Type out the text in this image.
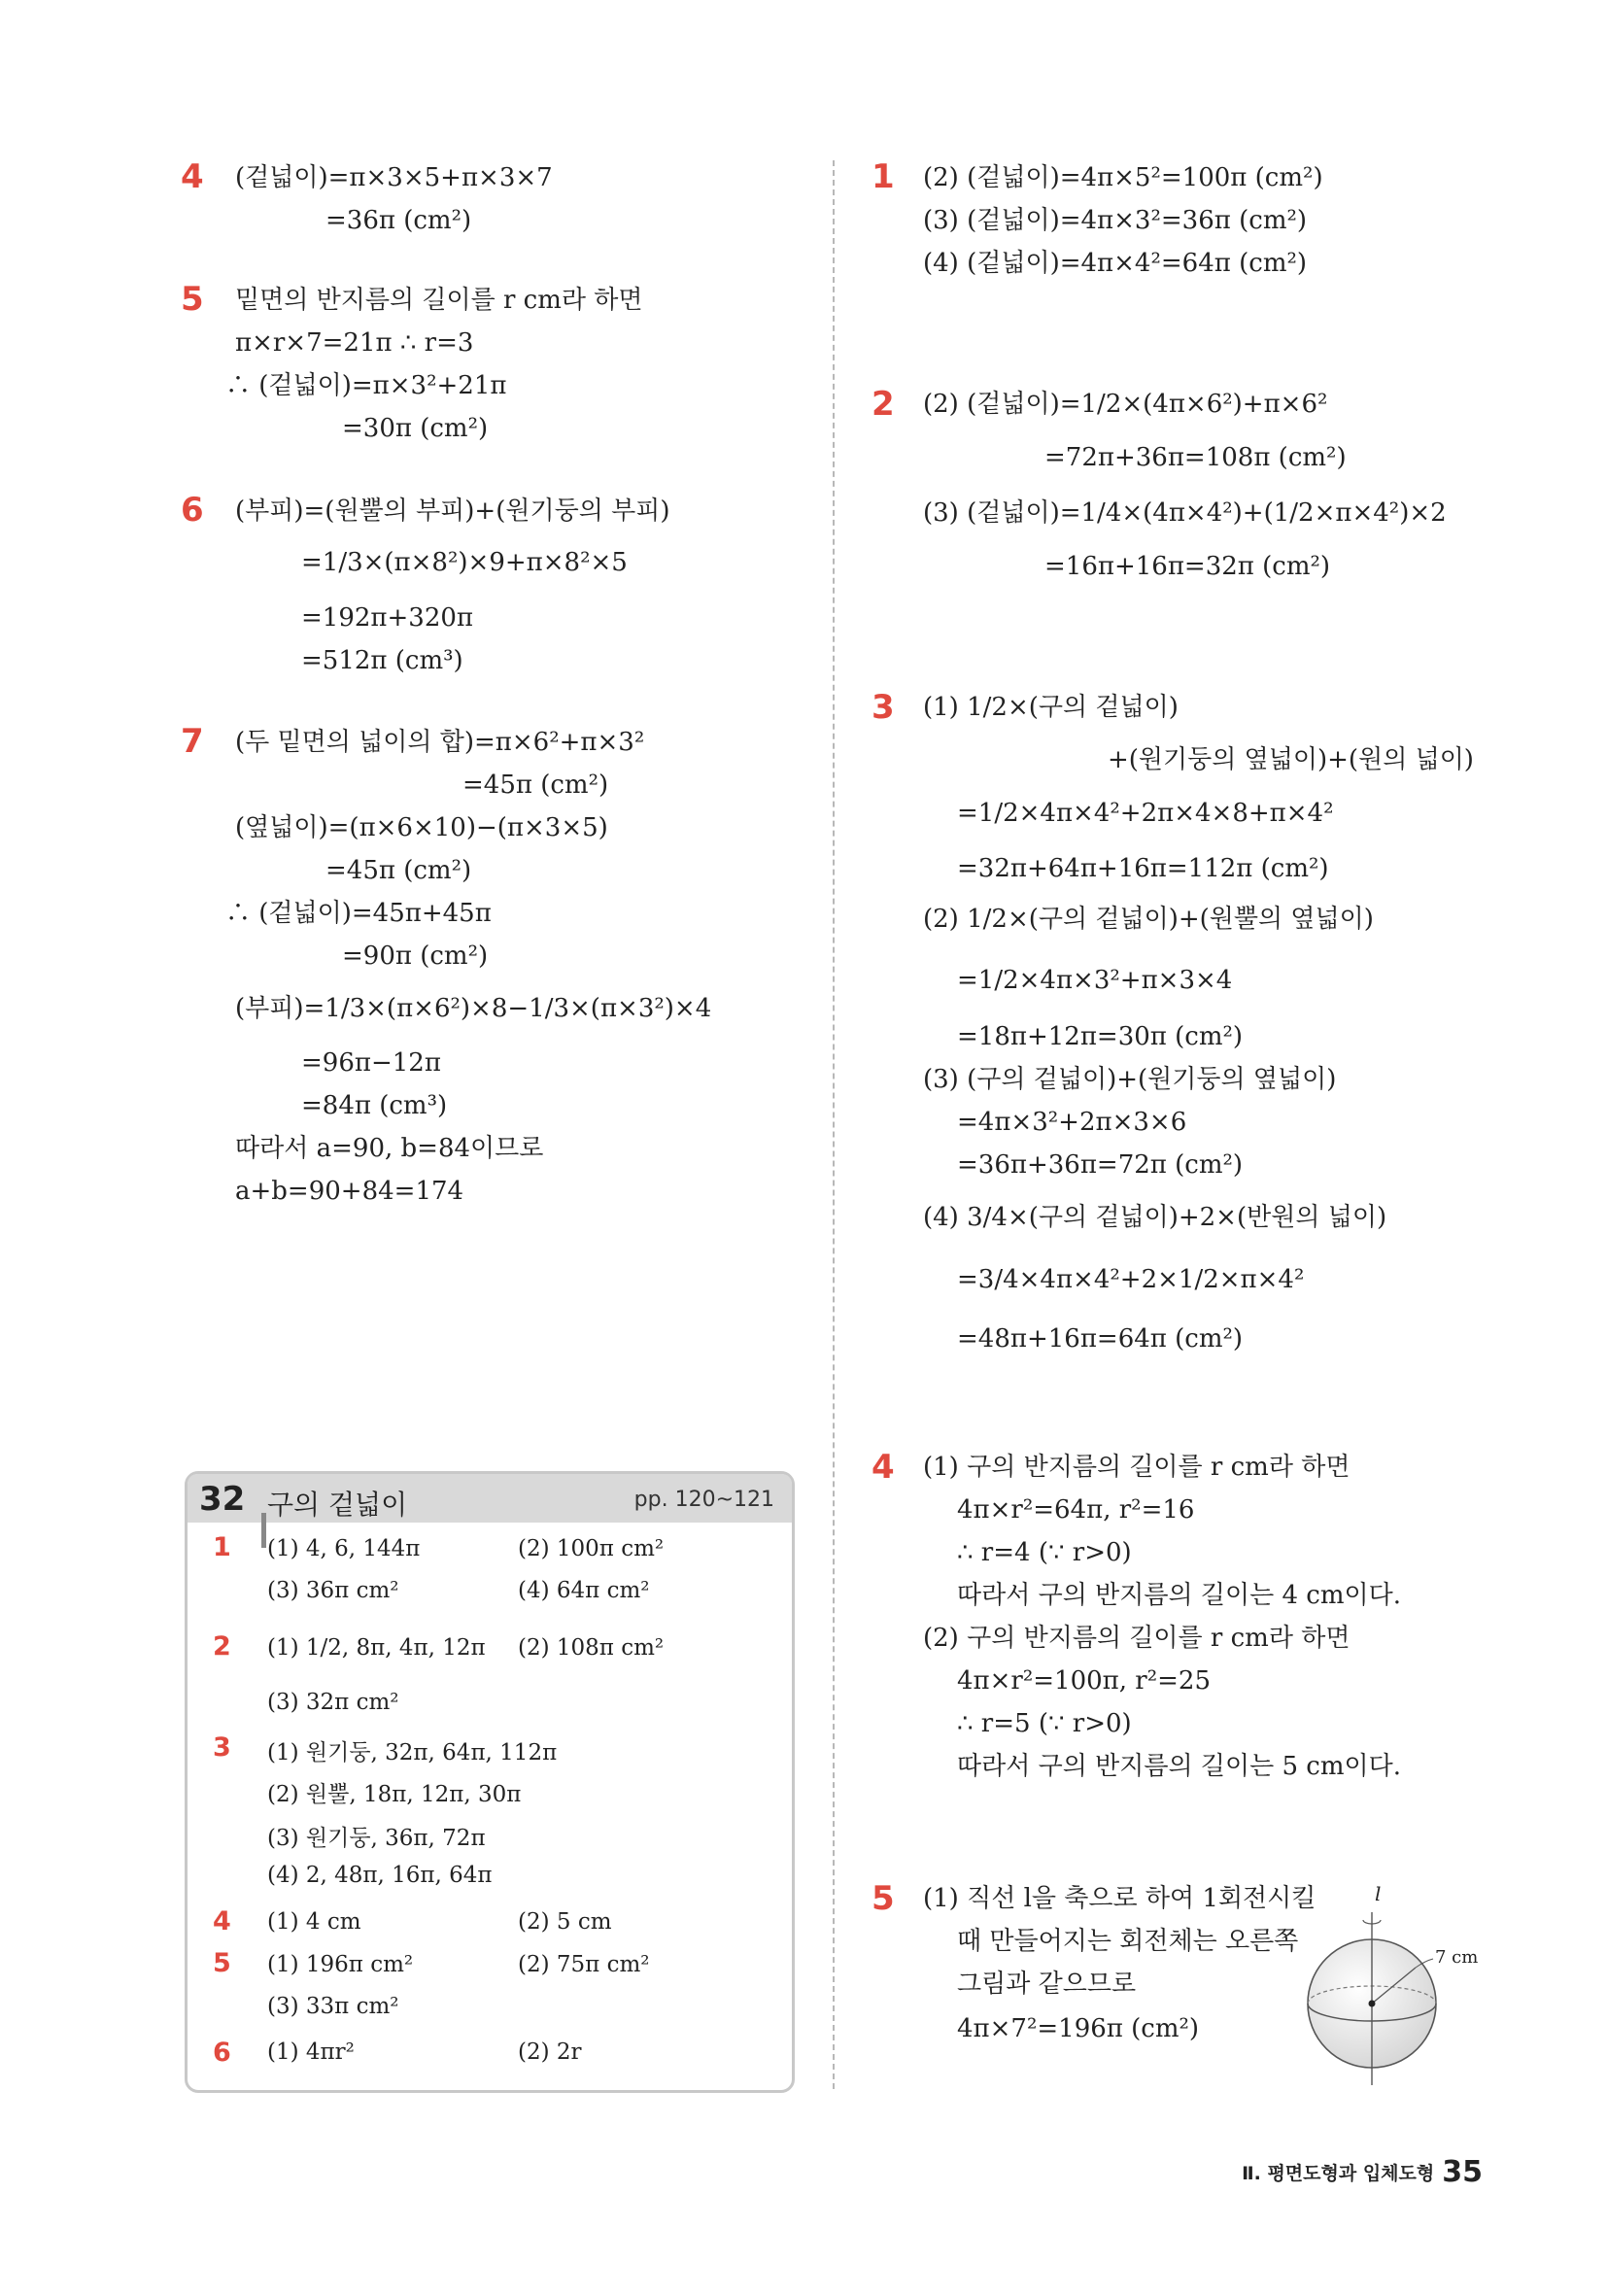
4 (겉넓이)=π×3×5+π×3×7
=36π (cm²)
5 밑면의 반지름의 길이를 r cm라 하면
π×r×7=21π ∴ r=3
∴ (겉넓이)=π×3²+21π
=30π (cm²)
6 (부피)=(원뿔의 부피)+(원기둥의 부피)
=1/3×(π×8²)×9+π×8²×5
=192π+320π
=512π (cm³)
7 (두 밑면의 넓이의 합)=π×6²+π×3²
=45π (cm²)
(옆넓이)=(π×6×10)−(π×3×5)
=45π (cm²)
∴ (겉넓이)=45π+45π
=90π (cm²)
(부피)=1/3×(π×6²)×8−1/3×(π×3²)×4
=96π−12π
=84π (cm³)
따라서 a=90, b=84이므로
a+b=90+84=174
32 구의 겉넓이	pp. 120~121
1 (1) 4, 6, 144π	(2) 100π cm²
(3) 36π cm²	(4) 64π cm²
2 (1) 1/2, 8π, 4π, 12π (2) 108π cm²
(3) 32π cm²
3 (1) 원기둥, 32π, 64π, 112π
(2) 원뿔, 18π, 12π, 30π
(3) 원기둥, 36π, 72π
(4) 2, 48π, 16π, 64π
4 (1) 4 cm	(2) 5 cm
5 (1) 196π cm²	(2) 75π cm²
(3) 33π cm²
6 (1) 4πr²	(2) 2r
1 (2) (겉넓이)=4π×5²=100π (cm²)
(3) (겉넓이)=4π×3²=36π (cm²)
(4) (겉넓이)=4π×4²=64π (cm²)
2 (2) (겉넓이)=1/2×(4π×6²)+π×6²
=72π+36π=108π (cm²)
(3) (겉넓이)=1/4×(4π×4²)+(1/2×π×4²)×2
=16π+16π=32π (cm²)
3 (1) 1/2×(구의 겉넓이)
+(원기둥의 옆넓이)+(원의 넓이)
=1/2×4π×4²+2π×4×8+π×4²
=32π+64π+16π=112π (cm²)
(2) 1/2×(구의 겉넓이)+(원뿔의 옆넓이)
=1/2×4π×3²+π×3×4
=18π+12π=30π (cm²)
(3) (구의 겉넓이)+(원기둥의 옆넓이)
=4π×3²+2π×3×6
=36π+36π=72π (cm²)
(4) 3/4×(구의 겉넓이)+2×(반원의 넓이)
=3/4×4π×4²+2×1/2×π×4²
=48π+16π=64π (cm²)
4 (1) 구의 반지름의 길이를 r cm라 하면
4π×r²=64π, r²=16
∴ r=4 (∵ r>0)
따라서 구의 반지름의 길이는 4 cm이다.
(2) 구의 반지름의 길이를 r cm라 하면
4π×r²=100π, r²=25
∴ r=5 (∵ r>0)
따라서 구의 반지름의 길이는 5 cm이다.
5 (1) 직선 l을 축으로 하여 1회전시킬
때 만들어지는 회전체는 오른쪽
그림과 같으므로
4π×7²=196π (cm²)
l
7 cm
Ⅱ. 평면도형과 입체도형 35
